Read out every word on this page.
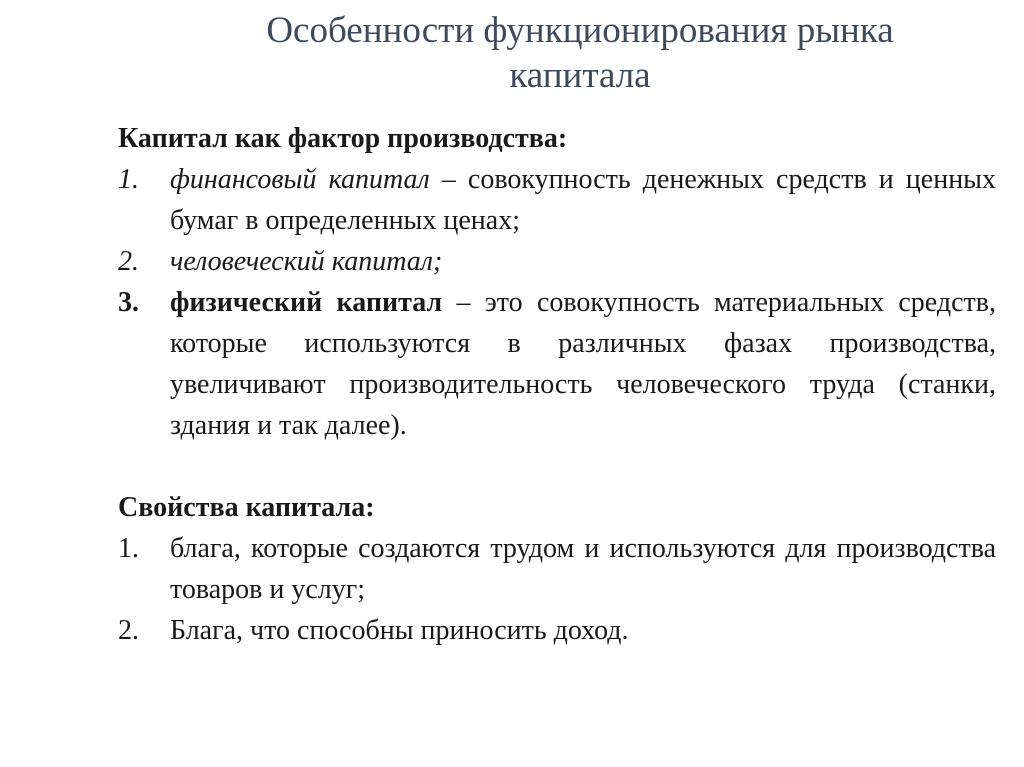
Особенности функционирования рынка
капитала

Капитал как фактор производства:

1. финансовый капитал – совокупность денежных средств и ценных бумаг в определенных ценах;
2. человеческий капитал;
3. физический капитал – это совокупность материальных средств, которые используются в различных фазах производства, увеличивают производительность человеческого труда (станки, здания и так далее).

Свойства капитала:

1. блага, которые создаются трудом и используются для производства товаров и услуг;
2. Блага, что способны приносить доход.
